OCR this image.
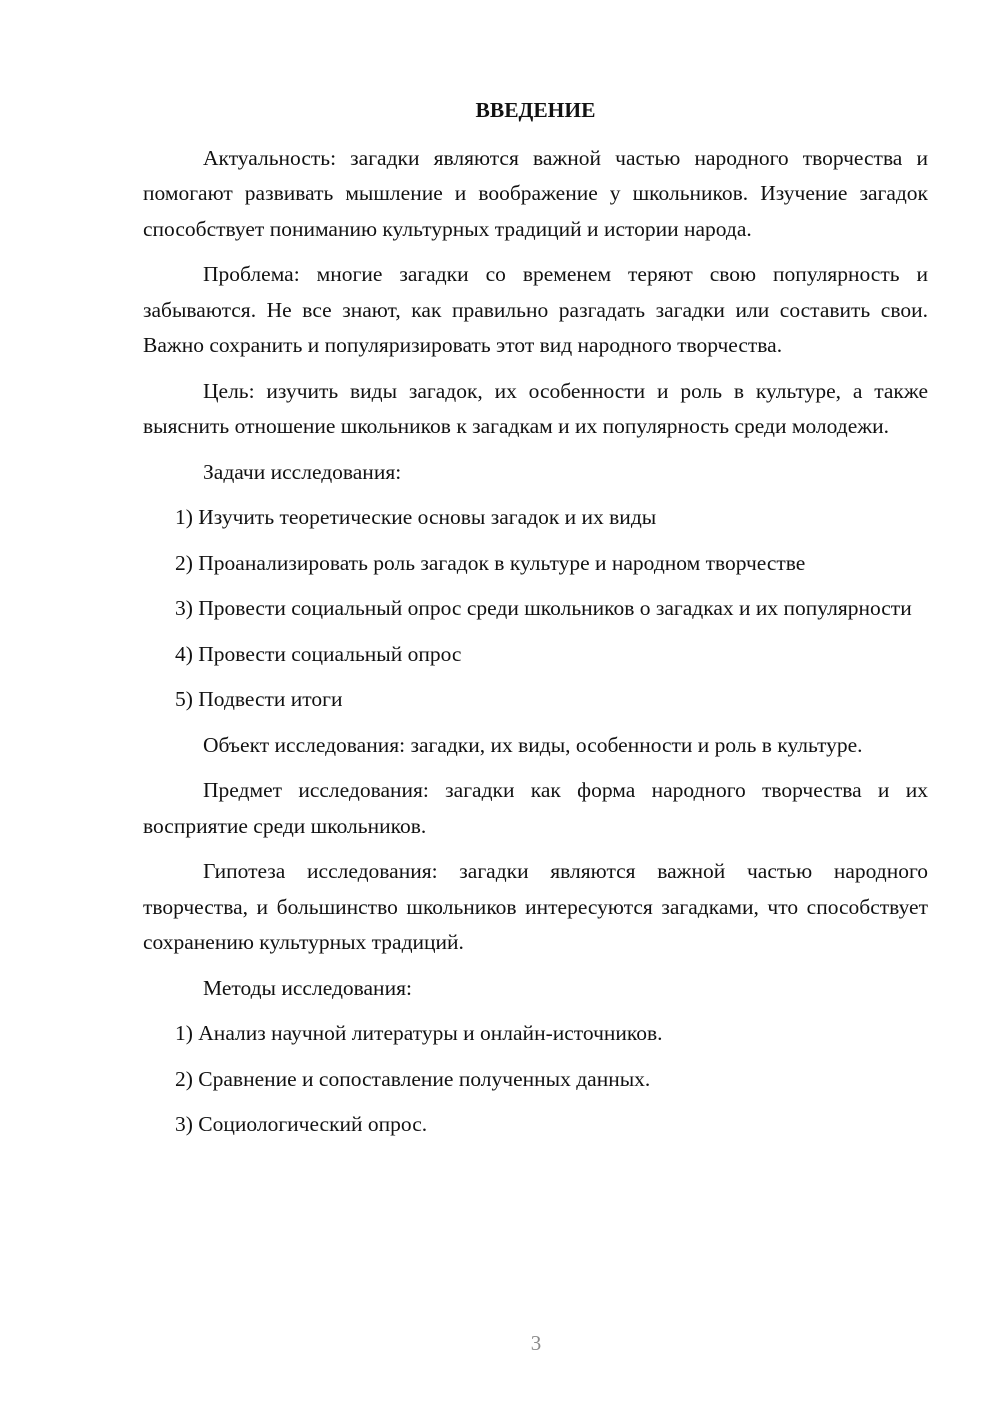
ВВЕДЕНИЕ

Актуальность: загадки являются важной частью народного творчества и помогают развивать мышление и воображение у школьников. Изучение загадок способствует пониманию культурных традиций и истории народа.

Проблема: многие загадки со временем теряют свою популярность и забываются. Не все знают, как правильно разгадать загадки или составить свои. Важно сохранить и популяризировать этот вид народного творчества.

Цель: изучить виды загадок, их особенности и роль в культуре, а также выяснить отношение школьников к загадкам и их популярность среди молодежи.

Задачи исследования:

1) Изучить теоретические основы загадок и их виды

2) Проанализировать роль загадок в культуре и народном творчестве

3) Провести социальный опрос среди школьников о загадках и их популярности

4) Провести социальный опрос

5) Подвести итоги

Объект исследования: загадки, их виды, особенности и роль в культуре.

Предмет исследования: загадки как форма народного творчества и их восприятие среди школьников.

Гипотеза исследования: загадки являются важной частью народного творчества, и большинство школьников интересуются загадками, что способствует сохранению культурных традиций.

Методы исследования:

1) Анализ научной литературы и онлайн-источников.

2) Сравнение и сопоставление полученных данных.

3) Социологический опрос.

3
